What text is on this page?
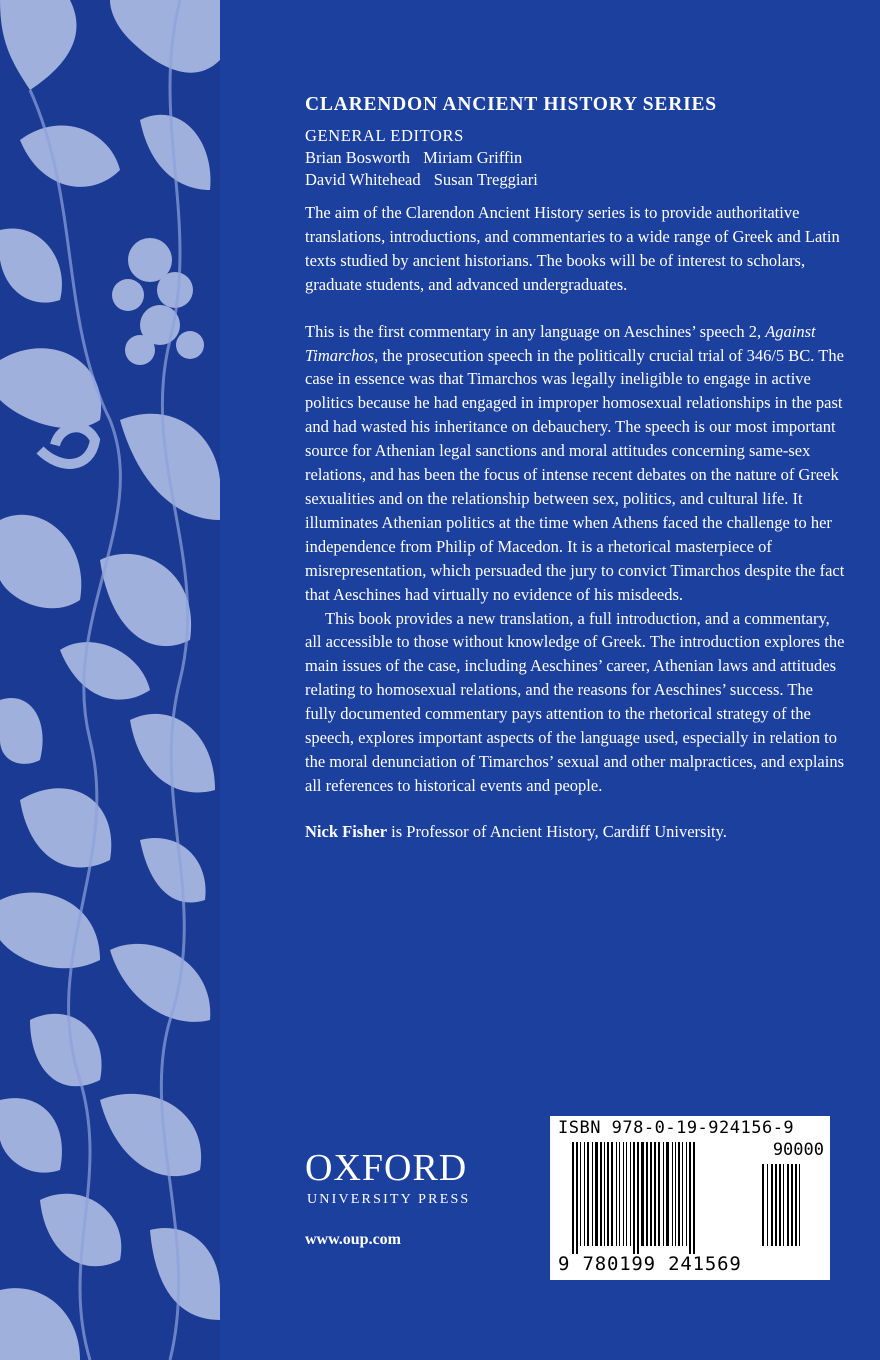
CLARENDON ANCIENT HISTORY SERIES
GENERAL EDITORS
Brian Bosworth Miriam Griffin
David Whitehead Susan Treggiari

The aim of the Clarendon Ancient History series is to provide authoritative translations, introductions, and commentaries to a wide range of Greek and Latin texts studied by ancient historians. The books will be of interest to scholars, graduate students, and advanced undergraduates.

This is the first commentary in any language on Aeschines’ speech 2, Against Timarchos, the prosecution speech in the politically crucial trial of 346/5 BC. The case in essence was that Timarchos was legally ineligible to engage in active politics because he had engaged in improper homosexual relationships in the past and had wasted his inheritance on debauchery. The speech is our most important source for Athenian legal sanctions and moral attitudes concerning same-sex relations, and has been the focus of intense recent debates on the nature of Greek sexualities and on the relationship between sex, politics, and cultural life. It illuminates Athenian politics at the time when Athens faced the challenge to her independence from Philip of Macedon. It is a rhetorical masterpiece of misrepresentation, which persuaded the jury to convict Timarchos despite the fact that Aeschines had virtually no evidence of his misdeeds.

This book provides a new translation, a full introduction, and a commentary, all accessible to those without knowledge of Greek. The introduction explores the main issues of the case, including Aeschines’ career, Athenian laws and attitudes relating to homosexual relations, and the reasons for Aeschines’ success. The fully documented commentary pays attention to the rhetorical strategy of the speech, explores important aspects of the language used, especially in relation to the moral denunciation of Timarchos’ sexual and other malpractices, and explains all references to historical events and people.

Nick Fisher is Professor of Ancient History, Cardiff University.

OXFORD
UNIVERSITY PRESS
www.oup.com
ISBN 978-0-19-924156-9
90000
9 780199 241569
